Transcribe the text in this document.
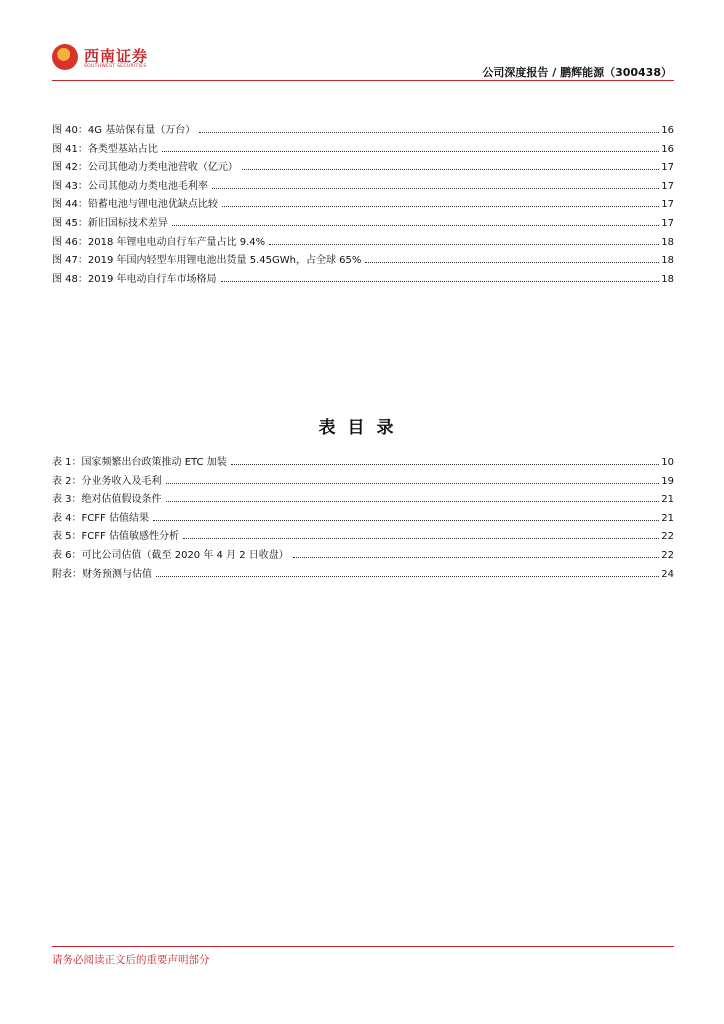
西南证券
SOUTHWEST SECURITIES	公司深度报告 / 鹏辉能源（300438）
图 40：4G 基站保有量（万台）	16
图 41：各类型基站占比	16
图 42：公司其他动力类电池营收（亿元）	17
图 43：公司其他动力类电池毛利率	17
图 44：铅蓄电池与锂电池优缺点比较	17
图 45：新旧国标技术差异	17
图 46：2018 年锂电电动自行车产量占比 9.4%	18
图 47：2019 年国内轻型车用锂电池出货量 5.45GWh，占全球 65%	18
图 48：2019 年电动自行车市场格局	18
表目录
表 1：国家频繁出台政策推动 ETC 加装	10
表 2：分业务收入及毛利	19
表 3：绝对估值假设条件	21
表 4：FCFF 估值结果	21
表 5：FCFF 估值敏感性分析	22
表 6：可比公司估值（截至 2020 年 4 月 2 日收盘）	22
附表：财务预测与估值	24
请务必阅读正文后的重要声明部分
